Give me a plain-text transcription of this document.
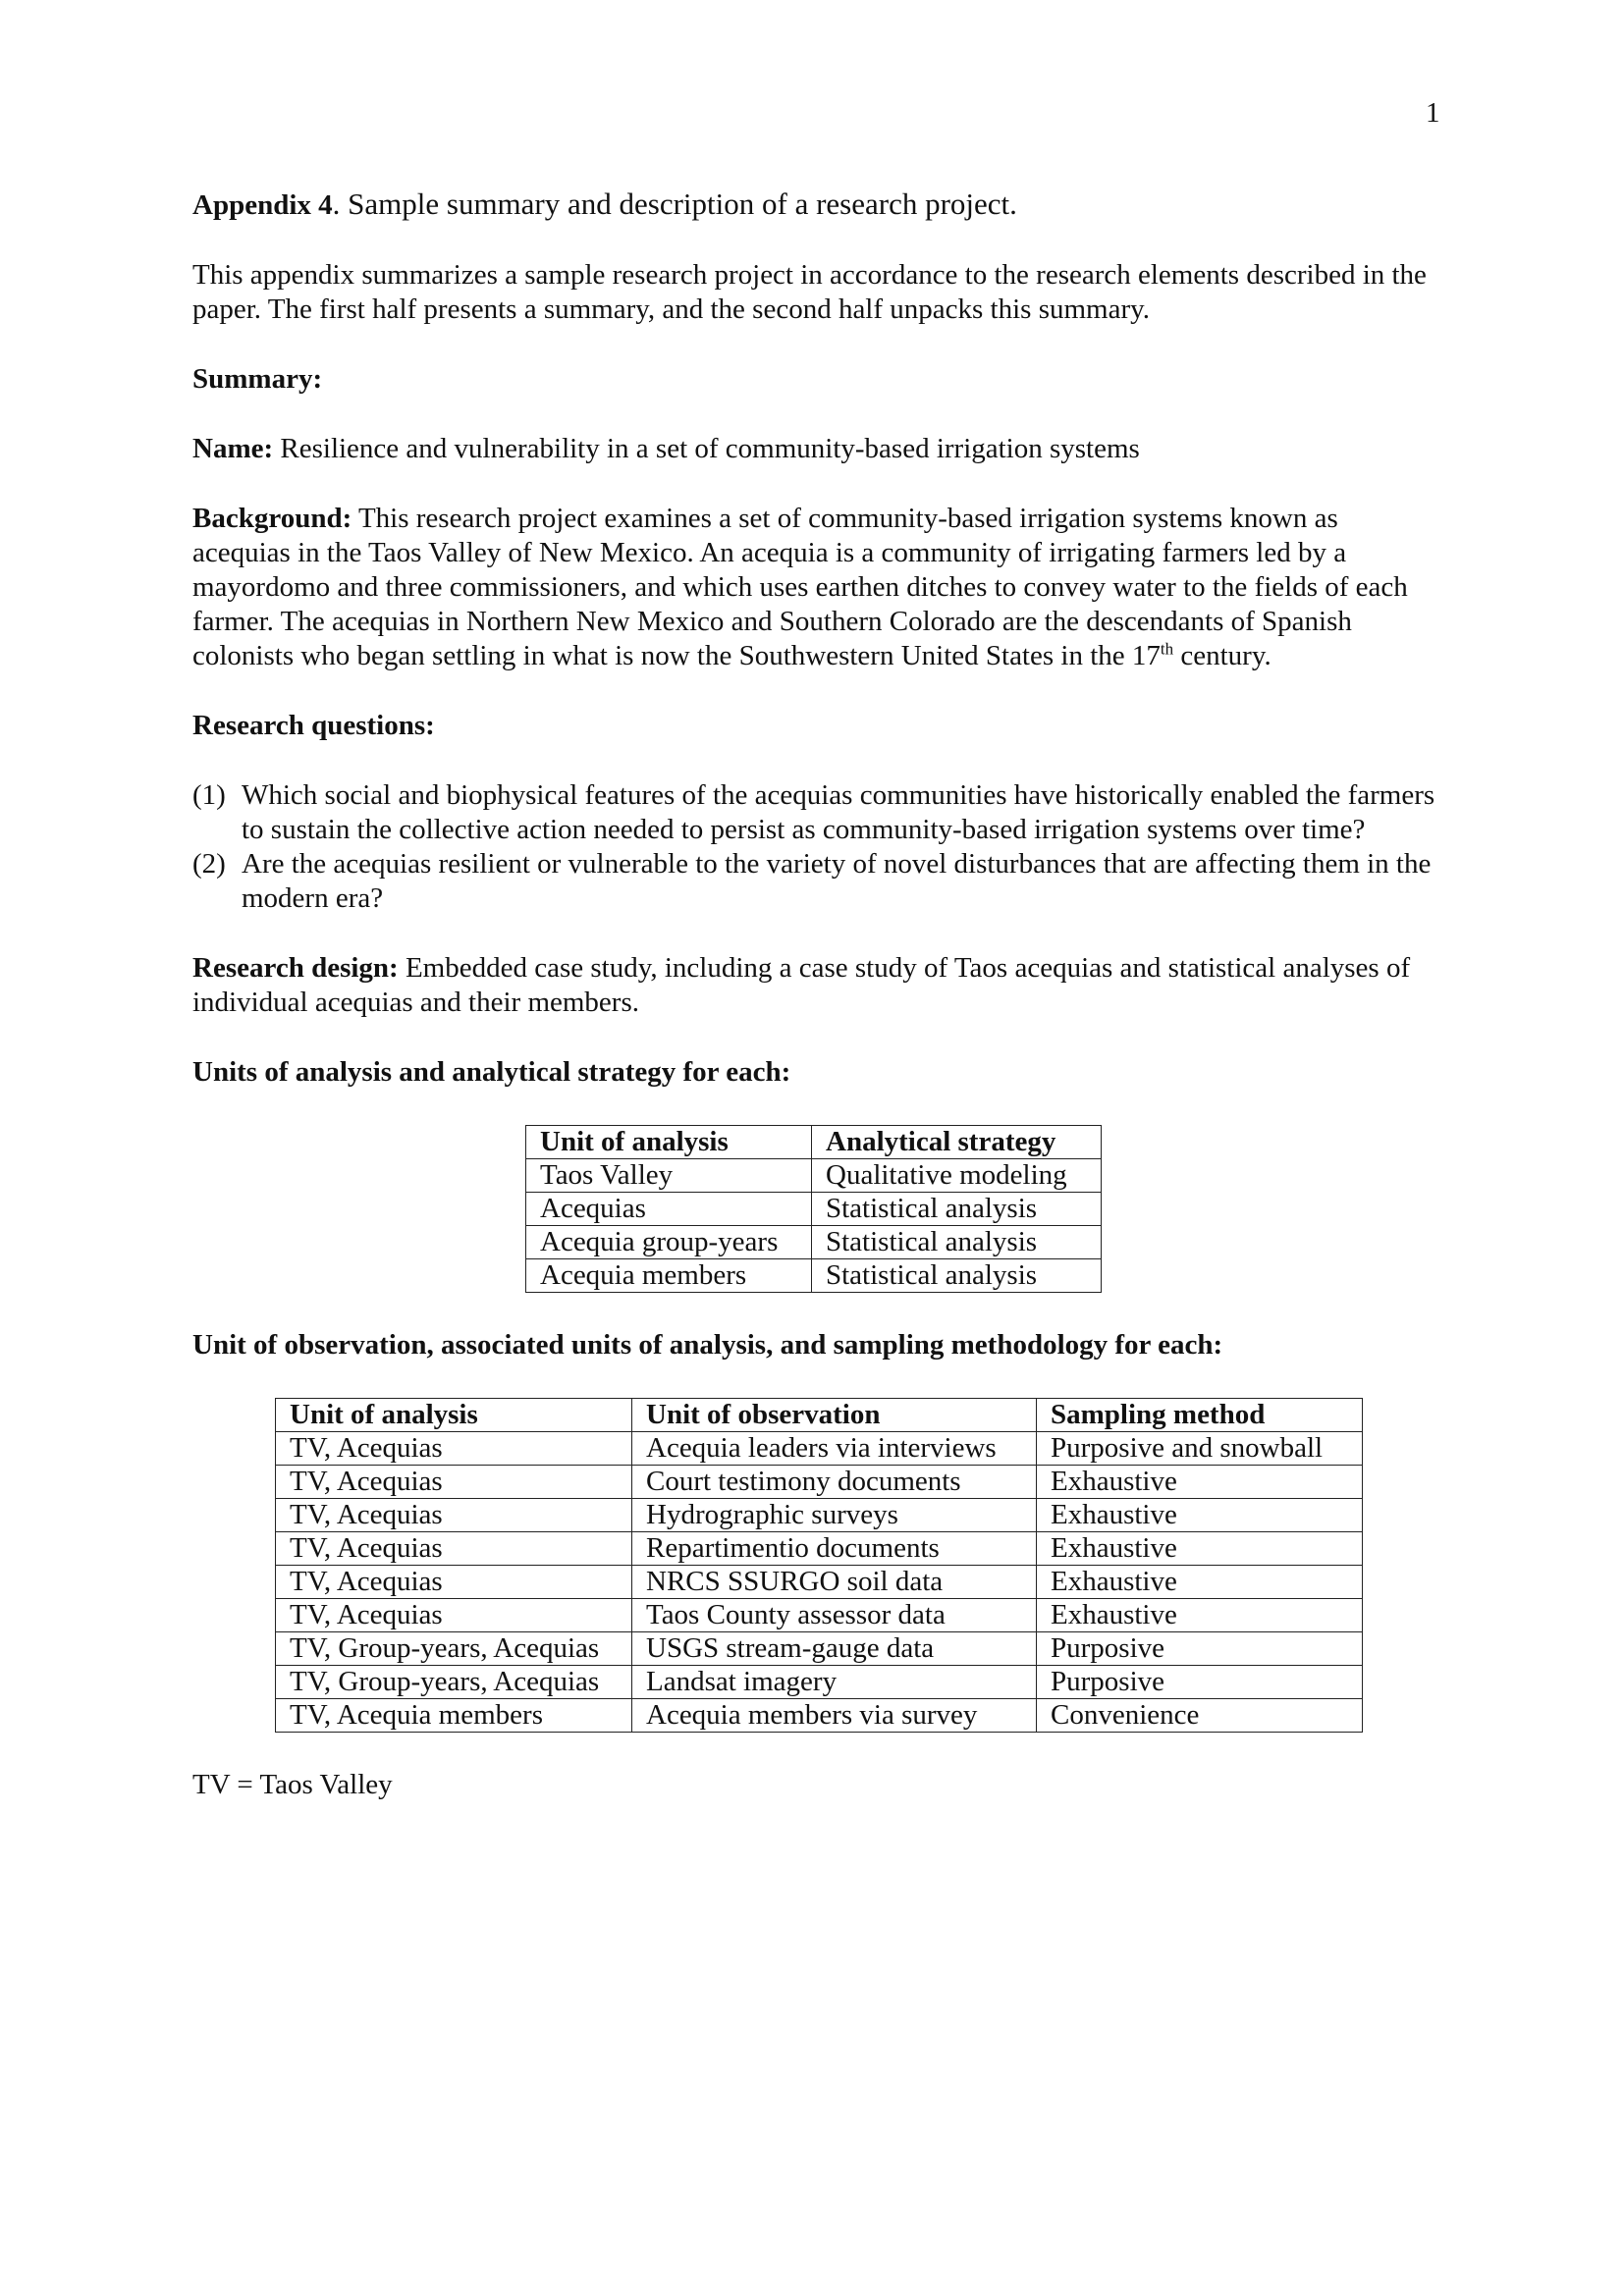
1

Appendix 4. Sample summary and description of a research project.

This appendix summarizes a sample research project in accordance to the research elements described in the paper. The first half presents a summary, and the second half unpacks this summary.

Summary:

Name: Resilience and vulnerability in a set of community-based irrigation systems

Background: This research project examines a set of community-based irrigation systems known as acequias in the Taos Valley of New Mexico. An acequia is a community of irrigating farmers led by a mayordomo and three commissioners, and which uses earthen ditches to convey water to the fields of each farmer. The acequias in Northern New Mexico and Southern Colorado are the descendants of Spanish colonists who began settling in what is now the Southwestern United States in the 17th century.

Research questions:

(1) Which social and biophysical features of the acequias communities have historically enabled the farmers to sustain the collective action needed to persist as community-based irrigation systems over time?
(2) Are the acequias resilient or vulnerable to the variety of novel disturbances that are affecting them in the modern era?

Research design: Embedded case study, including a case study of Taos acequias and statistical analyses of individual acequias and their members.

Units of analysis and analytical strategy for each:

Unit of analysis	Analytical strategy
Taos Valley	Qualitative modeling
Acequias	Statistical analysis
Acequia group-years	Statistical analysis
Acequia members	Statistical analysis

Unit of observation, associated units of analysis, and sampling methodology for each:

Unit of analysis	Unit of observation	Sampling method
TV, Acequias	Acequia leaders via interviews	Purposive and snowball
TV, Acequias	Court testimony documents	Exhaustive
TV, Acequias	Hydrographic surveys	Exhaustive
TV, Acequias	Repartimentio documents	Exhaustive
TV, Acequias	NRCS SSURGO soil data	Exhaustive
TV, Acequias	Taos County assessor data	Exhaustive
TV, Group-years, Acequias	USGS stream-gauge data	Purposive
TV, Group-years, Acequias	Landsat imagery	Purposive
TV, Acequia members	Acequia members via survey	Convenience

TV = Taos Valley
